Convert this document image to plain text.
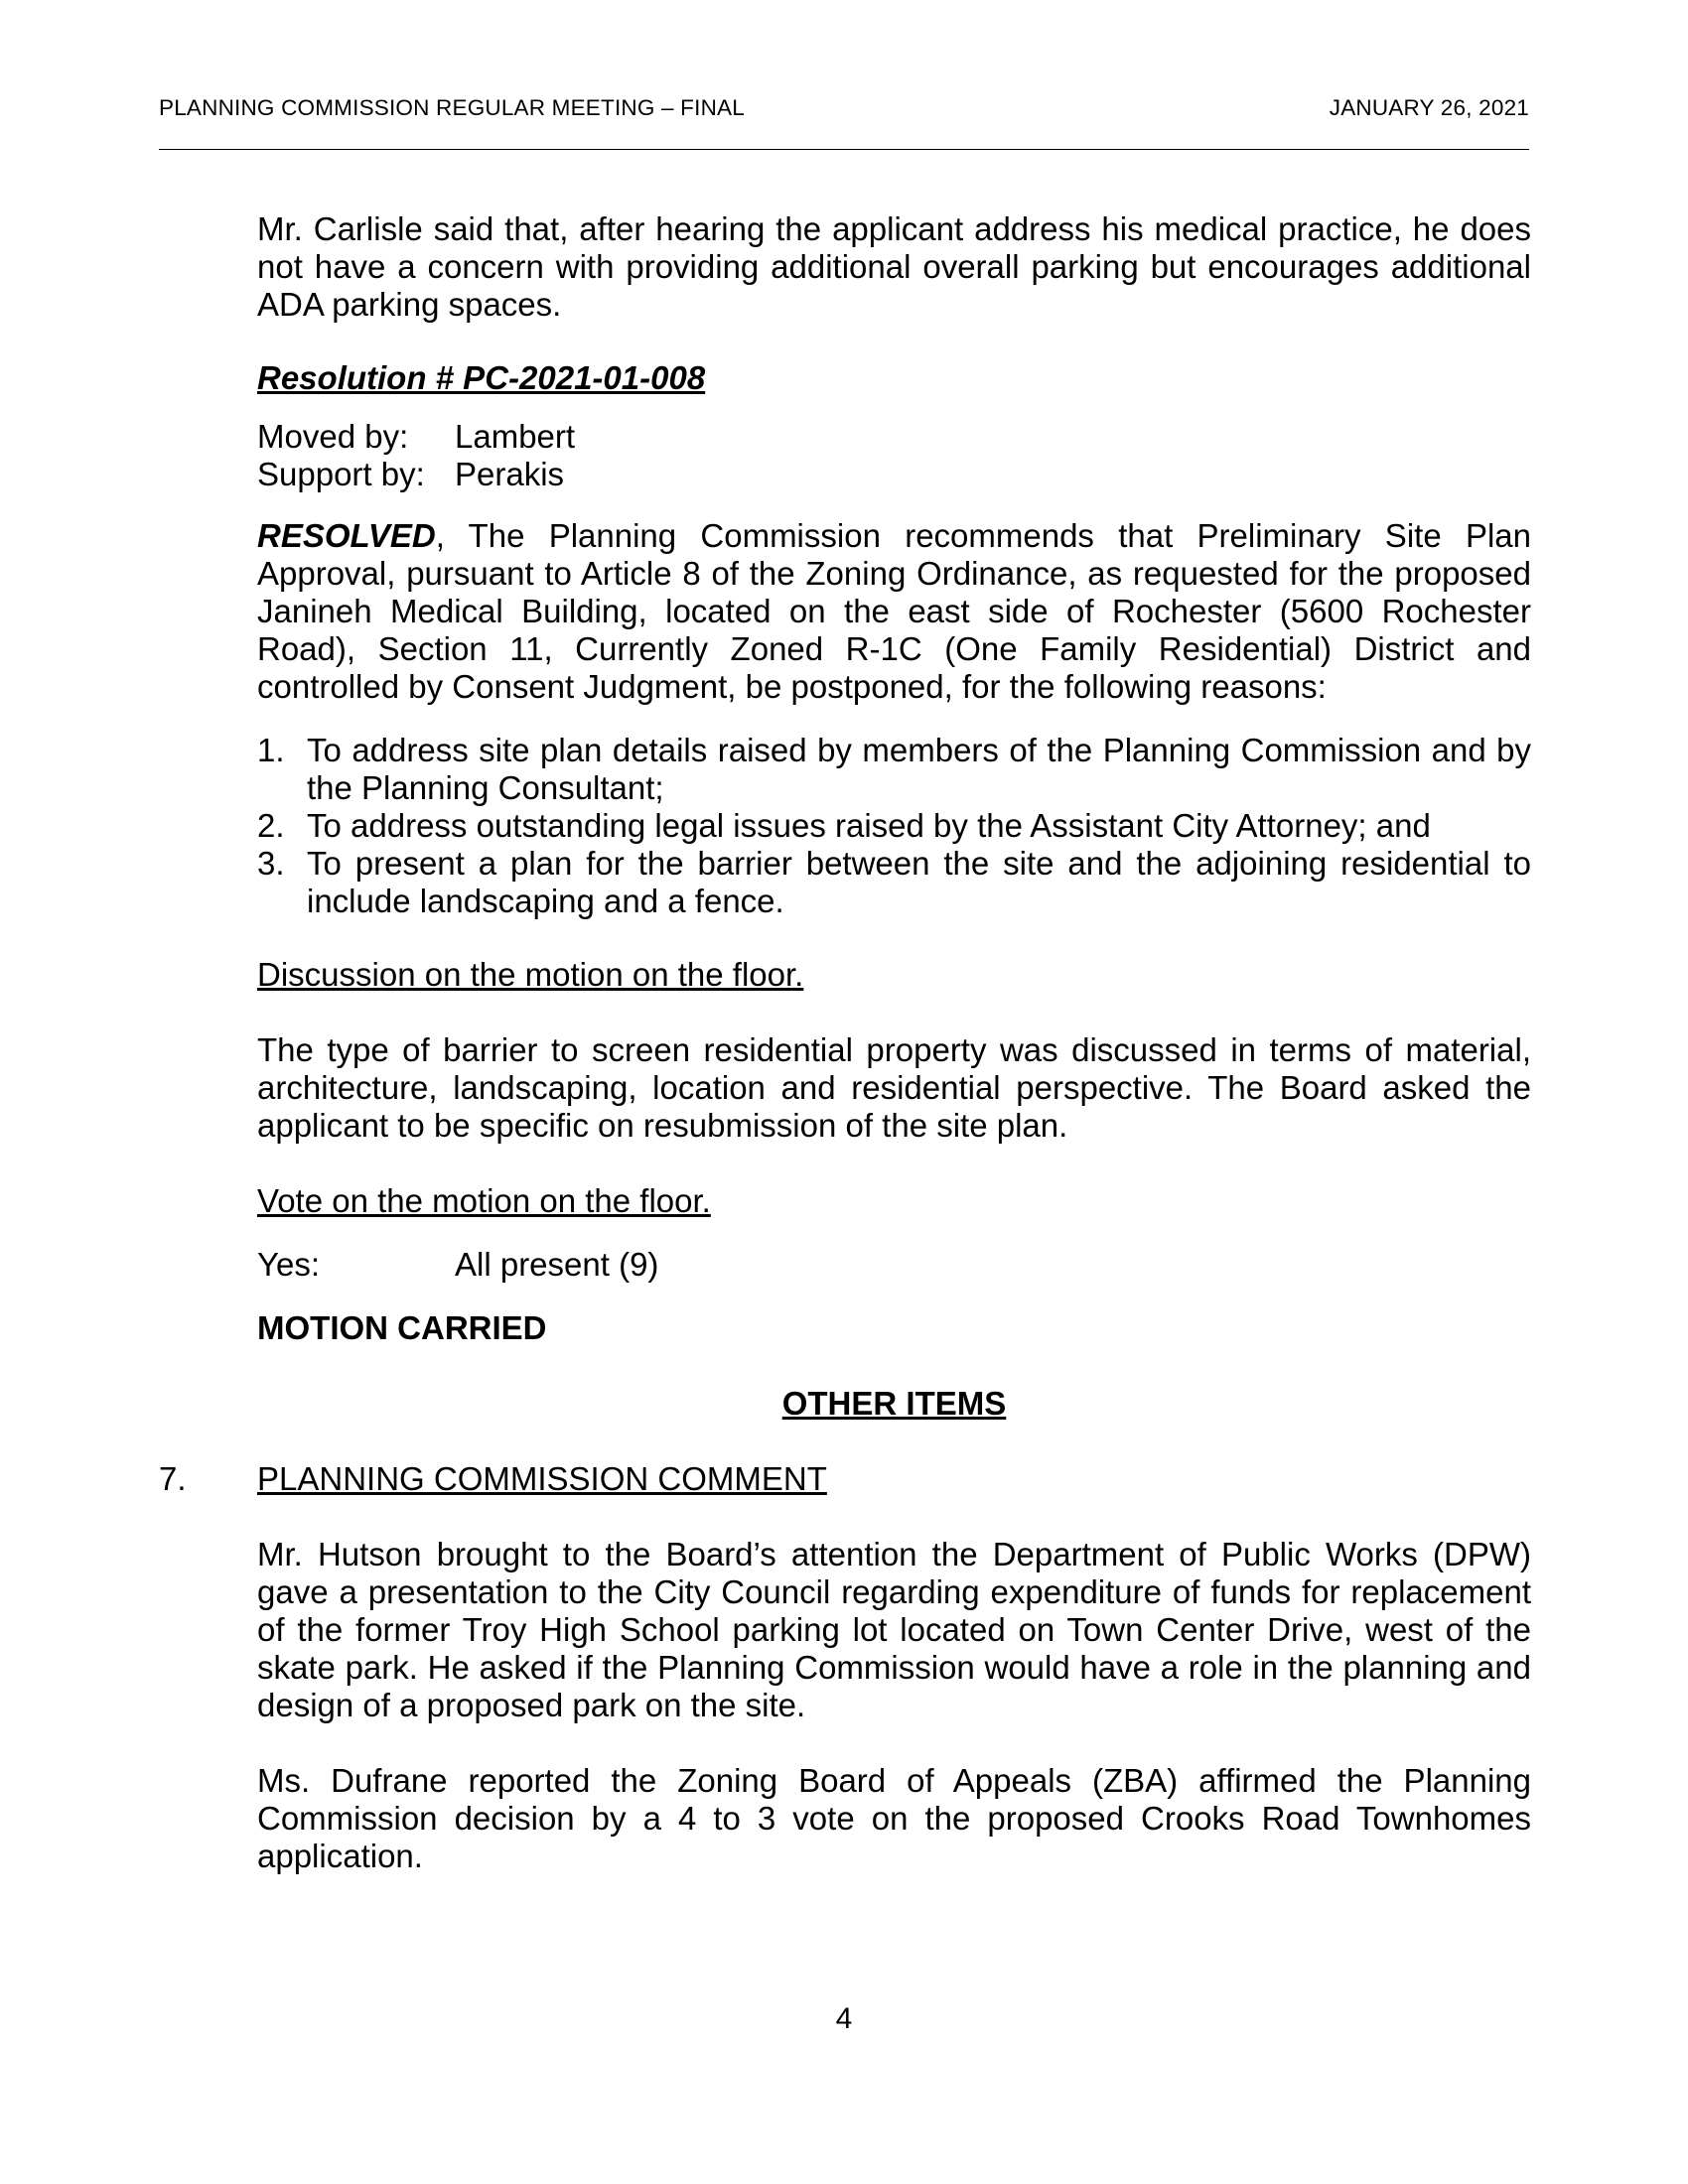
PLANNING COMMISSION REGULAR MEETING – FINAL	JANUARY 26, 2021

Mr. Carlisle said that, after hearing the applicant address his medical practice, he does not have a concern with providing additional overall parking but encourages additional ADA parking spaces.

Resolution # PC-2021-01-008

Moved by:	Lambert
Support by: Perakis

RESOLVED, The Planning Commission recommends that Preliminary Site Plan Approval, pursuant to Article 8 of the Zoning Ordinance, as requested for the proposed Janineh Medical Building, located on the east side of Rochester (5600 Rochester Road), Section 11, Currently Zoned R-1C (One Family Residential) District and controlled by Consent Judgment, be postponed, for the following reasons:

1. To address site plan details raised by members of the Planning Commission and by the Planning Consultant;
2. To address outstanding legal issues raised by the Assistant City Attorney; and
3. To present a plan for the barrier between the site and the adjoining residential to include landscaping and a fence.

Discussion on the motion on the floor.

The type of barrier to screen residential property was discussed in terms of material, architecture, landscaping, location and residential perspective. The Board asked the applicant to be specific on resubmission of the site plan.

Vote on the motion on the floor.

Yes:	All present (9)

MOTION CARRIED

OTHER ITEMS

7. PLANNING COMMISSION COMMENT

Mr. Hutson brought to the Board’s attention the Department of Public Works (DPW) gave a presentation to the City Council regarding expenditure of funds for replacement of the former Troy High School parking lot located on Town Center Drive, west of the skate park. He asked if the Planning Commission would have a role in the planning and design of a proposed park on the site.

Ms. Dufrane reported the Zoning Board of Appeals (ZBA) affirmed the Planning Commission decision by a 4 to 3 vote on the proposed Crooks Road Townhomes application.

4
